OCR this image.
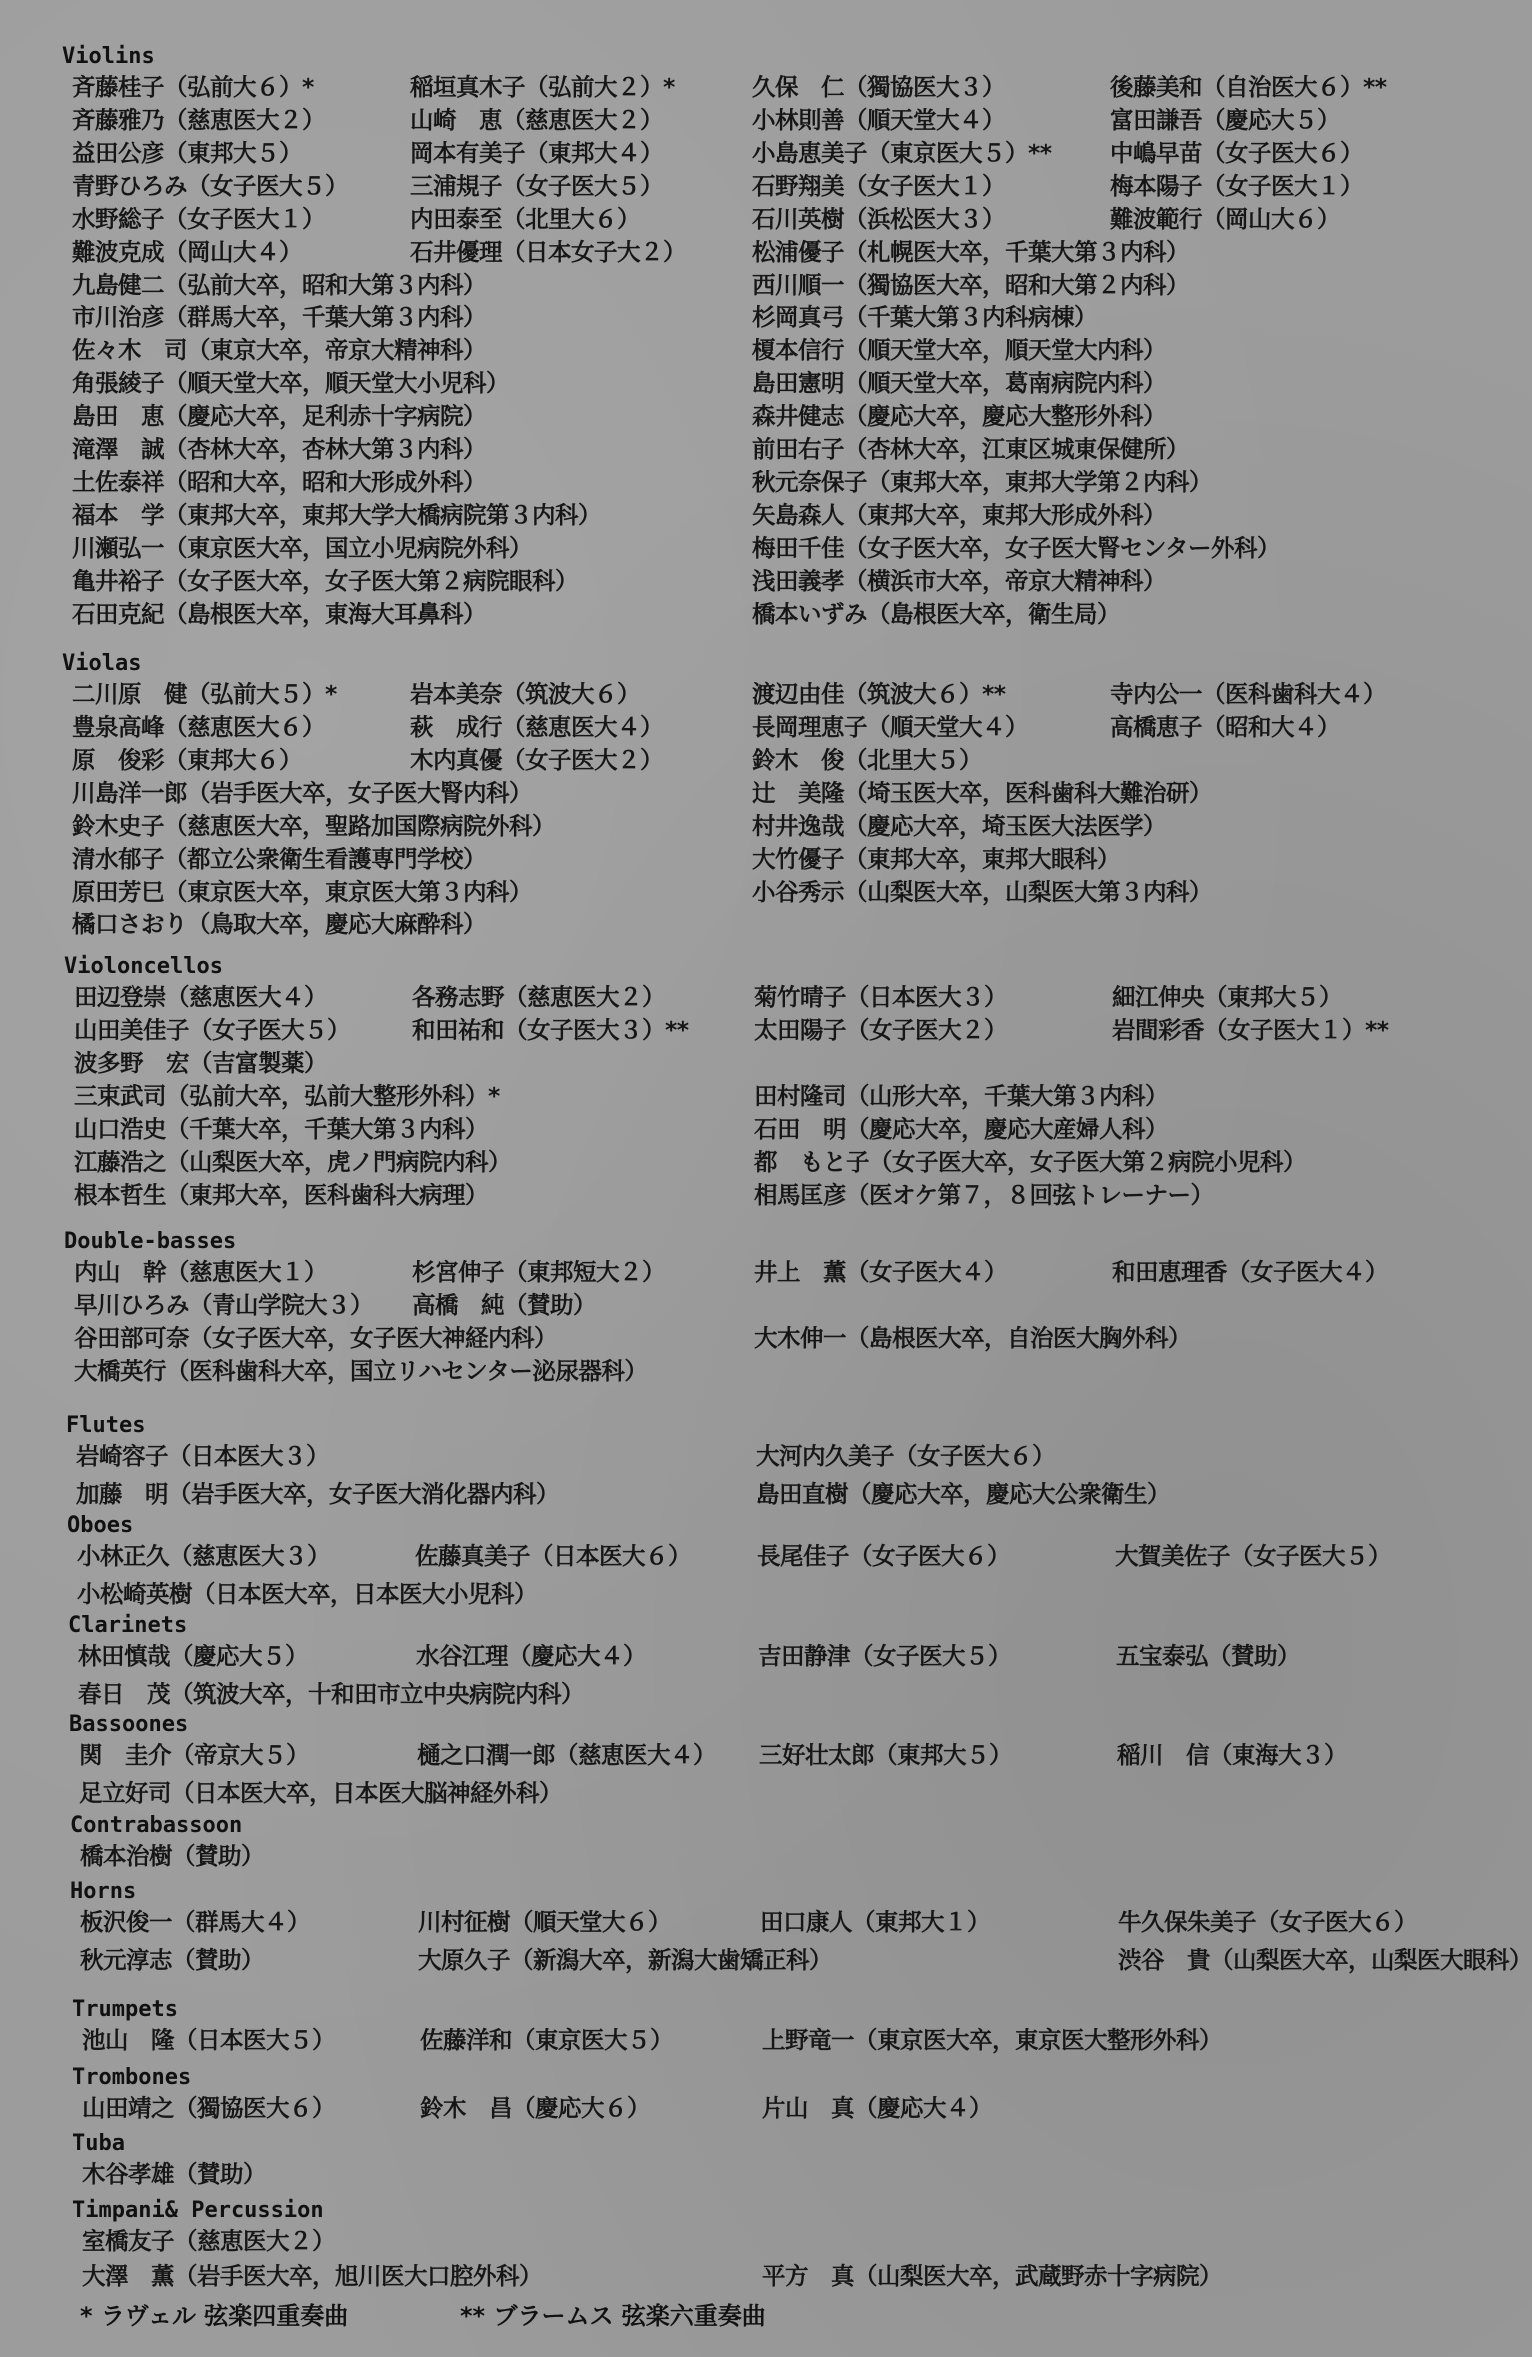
Violins
斉藤桂子（弘前大６）*	稲垣真木子（弘前大２）*	久保　仁（獨協医大３）	後藤美和（自治医大６）**
斉藤雅乃（慈恵医大２）	山崎　恵（慈恵医大２）	小林則善（順天堂大４）	富田謙吾（慶応大５）
益田公彦（東邦大５）	岡本有美子（東邦大４）	小島恵美子（東京医大５）** 中嶋早苗（女子医大６）
青野ひろみ（女子医大５）	三浦規子（女子医大５）	石野翔美（女子医大１）	梅本陽子（女子医大１）
水野総子（女子医大１）	内田泰至（北里大６）	石川英樹（浜松医大３）	難波範行（岡山大６）
難波克成（岡山大４）	石井優理（日本女子大２）	松浦優子（札幌医大卒，千葉大第３内科）
九島健二（弘前大卒，昭和大第３内科）	西川順一（獨協医大卒，昭和大第２内科）
市川治彦（群馬大卒，千葉大第３内科）	杉岡真弓（千葉大第３内科病棟）
佐々木　司（東京大卒，帝京大精神科）	榎本信行（順天堂大卒，順天堂大内科）
角張綾子（順天堂大卒，順天堂大小児科）	島田憲明（順天堂大卒，葛南病院内科）
島田　恵（慶応大卒，足利赤十字病院）	森井健志（慶応大卒，慶応大整形外科）
滝澤　誠（杏林大卒，杏林大第３内科）	前田右子（杏林大卒，江東区城東保健所）
土佐泰祥（昭和大卒，昭和大形成外科）	秋元奈保子（東邦大卒，東邦大学第２内科）
福本　学（東邦大卒，東邦大学大橋病院第３内科）	矢島森人（東邦大卒，東邦大形成外科）
川瀬弘一（東京医大卒，国立小児病院外科）	梅田千佳（女子医大卒，女子医大腎センター外科）
亀井裕子（女子医大卒，女子医大第２病院眼科）	浅田義孝（横浜市大卒，帝京大精神科）
石田克紀（島根医大卒，東海大耳鼻科）	橋本いずみ（島根医大卒，衛生局）
Violas
二川原　健（弘前大５）*	岩本美奈（筑波大６）	渡辺由佳（筑波大６）**	寺内公一（医科歯科大４）
豊泉高峰（慈恵医大６）	萩　成行（慈恵医大４）	長岡理恵子（順天堂大４）	高橋恵子（昭和大４）
原　俊彩（東邦大６）	木内真優（女子医大２）	鈴木　俊（北里大５）
川島洋一郎（岩手医大卒，女子医大腎内科）	辻　美隆（埼玉医大卒，医科歯科大難治研）
鈴木史子（慈恵医大卒，聖路加国際病院外科）	村井逸哉（慶応大卒，埼玉医大法医学）
清水郁子（都立公衆衛生看護専門学校）	大竹優子（東邦大卒，東邦大眼科）
原田芳巳（東京医大卒，東京医大第３内科）	小谷秀示（山梨医大卒，山梨医大第３内科）
橘口さおり（鳥取大卒，慶応大麻酔科）
Violoncellos
田辺登崇（慈恵医大４）	各務志野（慈恵医大２）	菊竹晴子（日本医大３）	細江伸央（東邦大５）
山田美佳子（女子医大５）	和田祐和（女子医大３）**	太田陽子（女子医大２）	岩間彩香（女子医大１）**
波多野　宏（吉富製薬）
三束武司（弘前大卒，弘前大整形外科）*	田村隆司（山形大卒，千葉大第３内科）
山口浩史（千葉大卒，千葉大第３内科）	石田　明（慶応大卒，慶応大産婦人科）
江藤浩之（山梨医大卒，虎ノ門病院内科）	都　もと子（女子医大卒，女子医大第２病院小児科）
根本哲生（東邦大卒，医科歯科大病理）	相馬匡彦（医オケ第７，８回弦トレーナー）
Double-basses
内山　幹（慈恵医大１）	杉宮伸子（東邦短大２）	井上　薫（女子医大４）	和田恵理香（女子医大４）
早川ひろみ（青山学院大３） 高橋　純（賛助）
谷田部可奈（女子医大卒，女子医大神経内科）	大木伸一（島根医大卒，自治医大胸外科）
大橋英行（医科歯科大卒，国立リハセンター泌尿器科）
Flutes
岩崎容子（日本医大３）	大河内久美子（女子医大６）
加藤　明（岩手医大卒，女子医大消化器内科）	島田直樹（慶応大卒，慶応大公衆衛生）
Oboes
小林正久（慈恵医大３）	佐藤真美子（日本医大６）	長尾佳子（女子医大６）	大賀美佐子（女子医大５）
小松崎英樹（日本医大卒，日本医大小児科）
Clarinets
林田慎哉（慶応大５）	水谷江理（慶応大４）	吉田静津（女子医大５）	五宝泰弘（賛助）
春日　茂（筑波大卒，十和田市立中央病院内科）
Bassoones
関　圭介（帝京大５）	樋之口潤一郎（慈恵医大４） 三好壮太郎（東邦大５）	稲川　信（東海大３）
足立好司（日本医大卒，日本医大脳神経外科）
Contrabassoon
橋本治樹（賛助）
Horns
板沢俊一（群馬大４）	川村征樹（順天堂大６）	田口康人（東邦大１）	牛久保朱美子（女子医大６）
秋元淳志（賛助）	大原久子（新潟大卒，新潟大歯矯正科）	渋谷　貴（山梨医大卒，山梨医大眼科）
Trumpets
池山　隆（日本医大５）	佐藤洋和（東京医大５）	上野竜一（東京医大卒，東京医大整形外科）
Trombones
山田靖之（獨協医大６）	鈴木　昌（慶応大６）	片山　真（慶応大４）
Tuba
木谷孝雄（賛助）
Timpani& Percussion
室橋友子（慈恵医大２）
大澤　薫（岩手医大卒，旭川医大口腔外科）	平方　真（山梨医大卒，武蔵野赤十字病院）
* ラヴェル 弦楽四重奏曲	** ブラームス 弦楽六重奏曲
